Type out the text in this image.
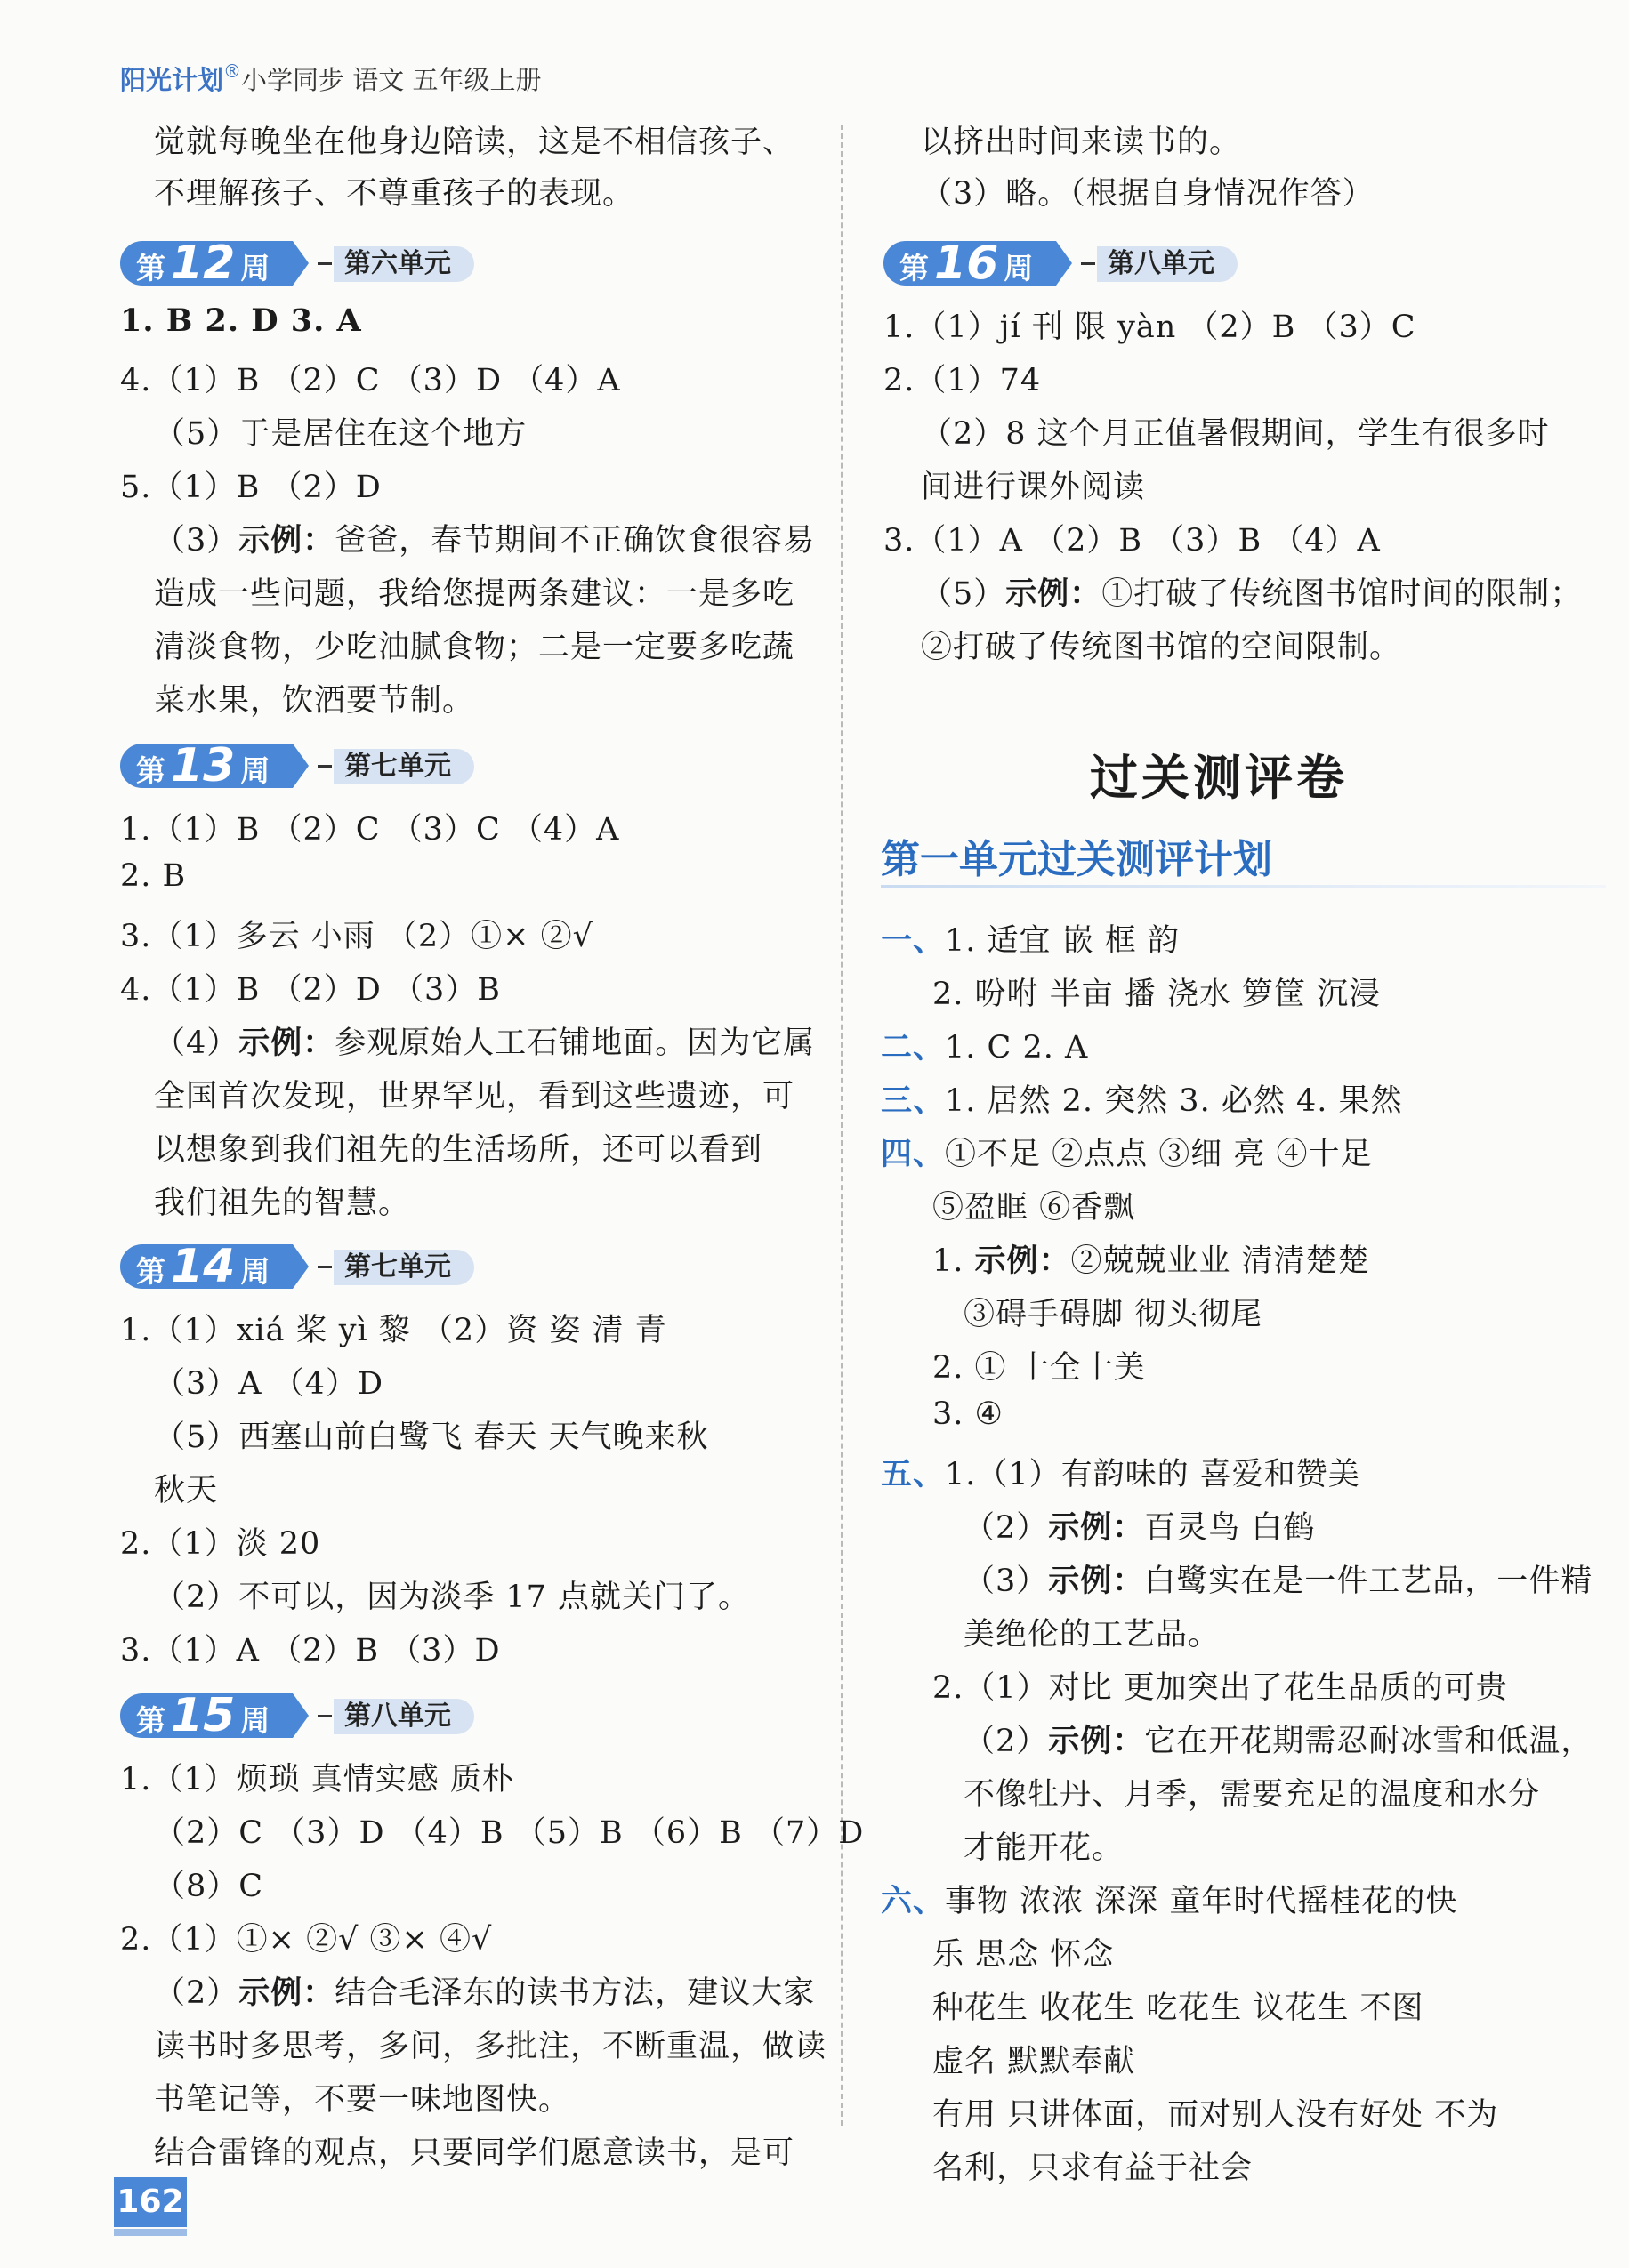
阳光计划®小学同步 语文 五年级上册
觉就每晚坐在他身边陪读，这是不相信孩子、
不理解孩子、不尊重孩子的表现。
第 12 周	第六单元
1. B 2. D 3. A
4.（1）B （2）C （3）D （4）A
（5）于是居住在这个地方
5.（1）B （2）D
（3）示例：爸爸，春节期间不正确饮食很容易
造成一些问题，我给您提两条建议：一是多吃
清淡食物，少吃油腻食物；二是一定要多吃蔬
菜水果，饮酒要节制。
第 13 周	第七单元
1.（1）B （2）C （3）C （4）A
2. B
3.（1）多云 小雨 （2）①× ②√
4.（1）B （2）D （3）B
（4）示例：参观原始人工石铺地面。因为它属
全国首次发现，世界罕见，看到这些遗迹，可
以想象到我们祖先的生活场所，还可以看到
我们祖先的智慧。
第 14 周	第七单元
1.（1）xiá 桨 yì 黎 （2）资 姿 清 青
（3）A （4）D
（5）西塞山前白鹭飞 春天 天气晚来秋
秋天
2.（1）淡 20
（2）不可以，因为淡季 17 点就关门了。
3.（1）A （2）B （3）D
第 15 周	第八单元
1.（1）烦琐 真情实感 质朴
（2）C （3）D （4）B （5）B （6）B （7）D
（8）C
2.（1）①× ②√ ③× ④√
（2）示例：结合毛泽东的读书方法，建议大家
读书时多思考，多问，多批注，不断重温，做读
书笔记等，不要一味地图快。
结合雷锋的观点，只要同学们愿意读书，是可
以挤出时间来读书的。
（3）略。（根据自身情况作答）
第 16 周	第八单元
1.（1）jí 刊 限 yàn （2）B （3）C
2.（1）74
（2）8 这个月正值暑假期间，学生有很多时
间进行课外阅读
3.（1）A （2）B （3）B （4）A
（5）示例：①打破了传统图书馆时间的限制；
②打破了传统图书馆的空间限制。
过关测评卷
第一单元过关测评计划
一、1. 适宜 嵌 框 韵
2. 吩咐 半亩 播 浇水 箩筐 沉浸
二、1. C 2. A
三、1. 居然 2. 突然 3. 必然 4. 果然
四、①不足 ②点点 ③细 亮 ④十足
⑤盈眶 ⑥香飘
1. 示例：②兢兢业业 清清楚楚
③碍手碍脚 彻头彻尾
2. ① 十全十美
3. ④
五、1.（1）有韵味的 喜爱和赞美
（2）示例：百灵鸟 白鹤
（3）示例：白鹭实在是一件工艺品，一件精
美绝伦的工艺品。
2.（1）对比 更加突出了花生品质的可贵
（2）示例：它在开花期需忍耐冰雪和低温，
不像牡丹、月季，需要充足的温度和水分
才能开花。
六、事物 浓浓 深深 童年时代摇桂花的快
乐 思念 怀念
种花生 收花生 吃花生 议花生 不图
虚名 默默奉献
有用 只讲体面，而对别人没有好处 不为
名利，只求有益于社会
162
